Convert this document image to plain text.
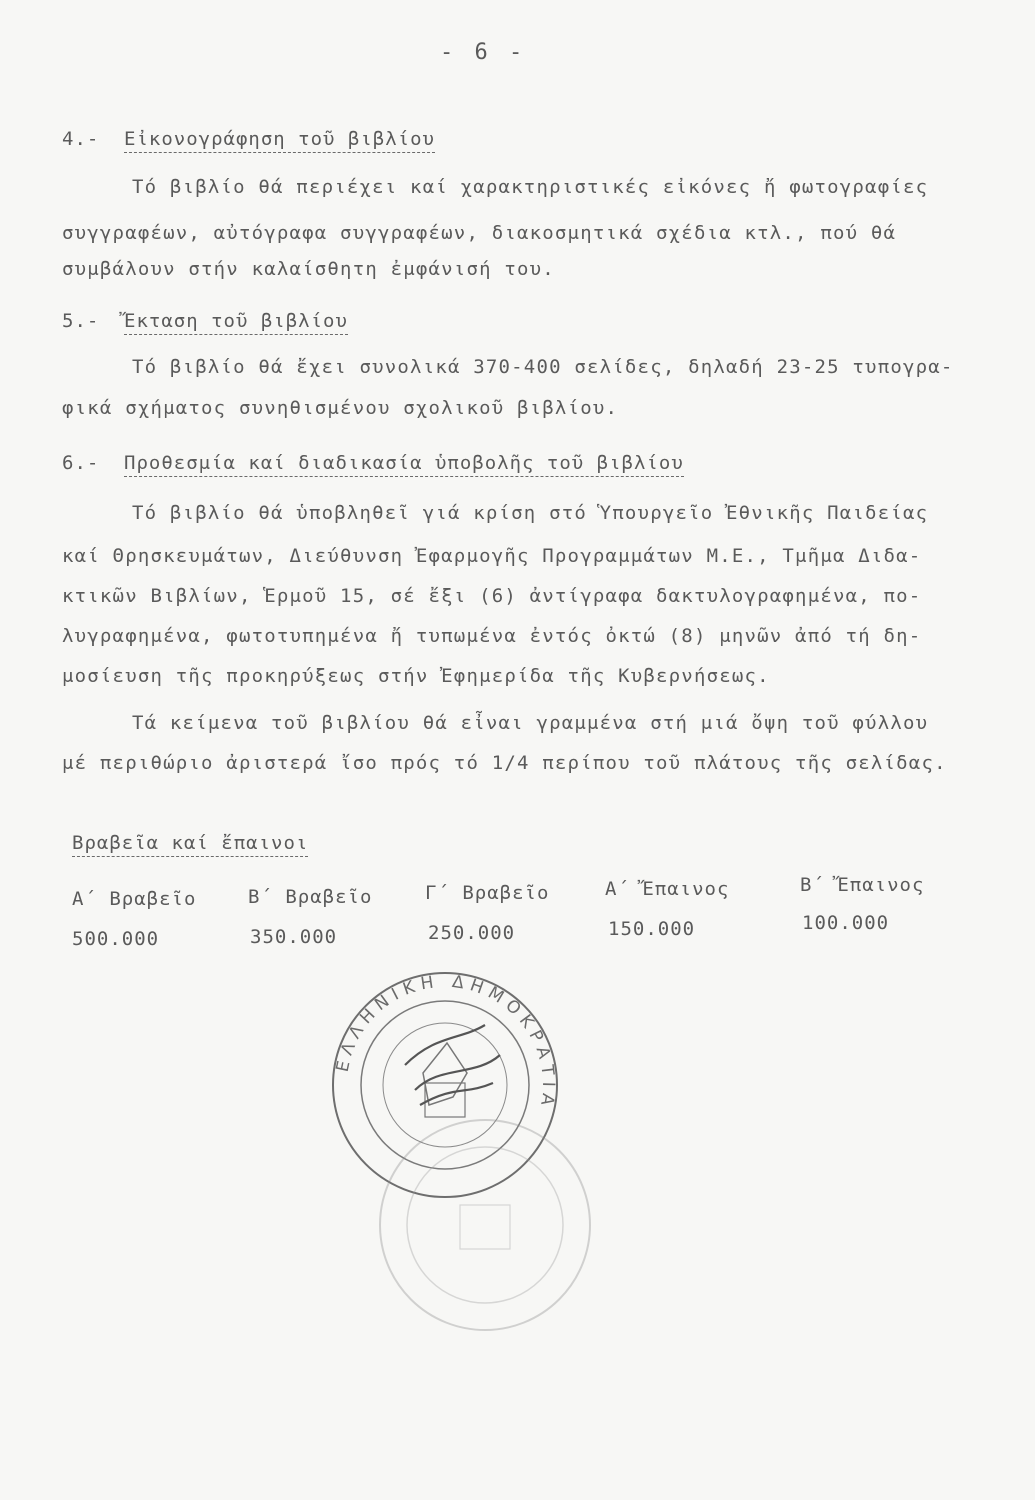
- 6 -
4.- Εἰκονογράφηση τοῦ βιβλίου
Τό βιβλίο θά περιέχει καί χαρακτηριστικές εἰκόνες ἤ φωτογραφίες
συγγραφέων, αὐτόγραφα συγγραφέων, διακοσμητικά σχέδια κτλ., πού θά
συμβάλουν στήν καλαίσθητη ἐμφάνισή του.
5.- Ἔκταση τοῦ βιβλίου
Τό βιβλίο θά ἔχει συνολικά 370-400 σελίδες, δηλαδή 23-25 τυπογρα-
φικά σχήματος συνηθισμένου σχολικοῦ βιβλίου.
6.- Προθεσμία καί διαδικασία ὑποβολῆς τοῦ βιβλίου
Τό βιβλίο θά ὑποβληθεῖ γιά κρίση στό Ὑπουργεῖο Ἐθνικῆς Παιδείας
καί Θρησκευμάτων, Διεύθυνση Ἐφαρμογῆς Προγραμμάτων Μ.Ε., Τμῆμα Διδα-
κτικῶν Βιβλίων, Ἑρμοῦ 15, σέ ἔξι (6) ἀντίγραφα δακτυλογραφημένα, πο-
λυγραφημένα, φωτοτυπημένα ἤ τυπωμένα ἐντός ὀκτώ (8) μηνῶν ἀπό τή δη-
μοσίευση τῆς προκηρύξεως στήν Ἐφημερίδα τῆς Κυβερνήσεως.
Τά κείμενα τοῦ βιβλίου θά εἶναι γραμμένα στή μιά ὄψη τοῦ φύλλου
μέ περιθώριο ἀριστερά ἴσο πρός τό 1/4 περίπου τοῦ πλάτους τῆς σελίδας.
Βραβεῖα καί ἔπαινοι
Α΄ Βραβεῖο
500.000
Β΄ Βραβεῖο
350.000
Γ΄ Βραβεῖο
250.000
Α΄ Ἔπαινος
150.000
Β΄ Ἔπαινος
100.000
ΕΛΛΗΝΙΚΗ ΔΗΜΟΚΡΑΤΙΑ
